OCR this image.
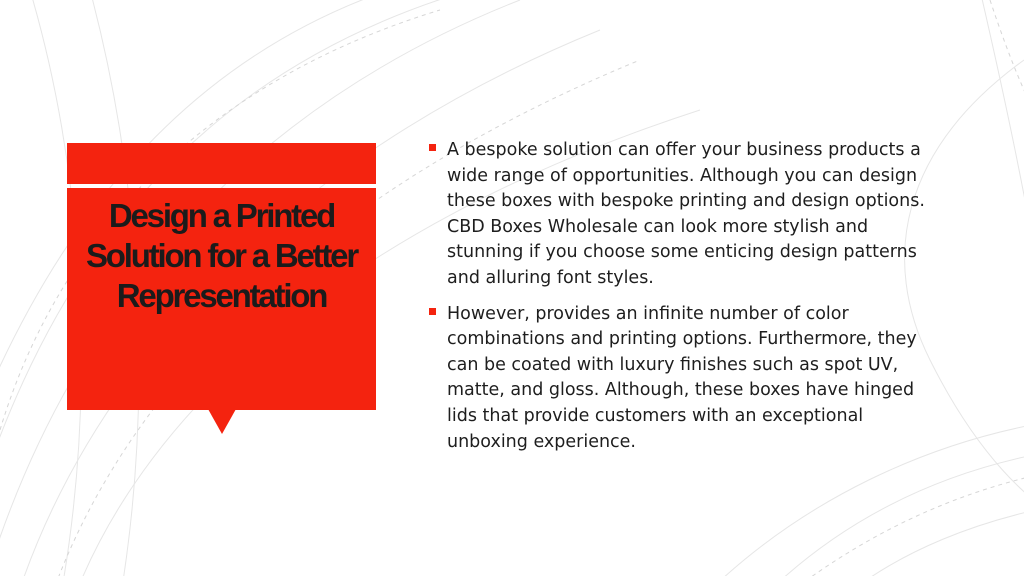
Design a Printed Solution for a Better Representation
A bespoke solution can offer your business products a wide range of opportunities. Although you can design these boxes with bespoke printing and design options. CBD Boxes Wholesale can look more stylish and stunning if you choose some enticing design patterns and alluring font styles.
However, provides an infinite number of color combinations and printing options. Furthermore, they can be coated with luxury finishes such as spot UV, matte, and gloss. Although, these boxes have hinged lids that provide customers with an exceptional unboxing experience.
